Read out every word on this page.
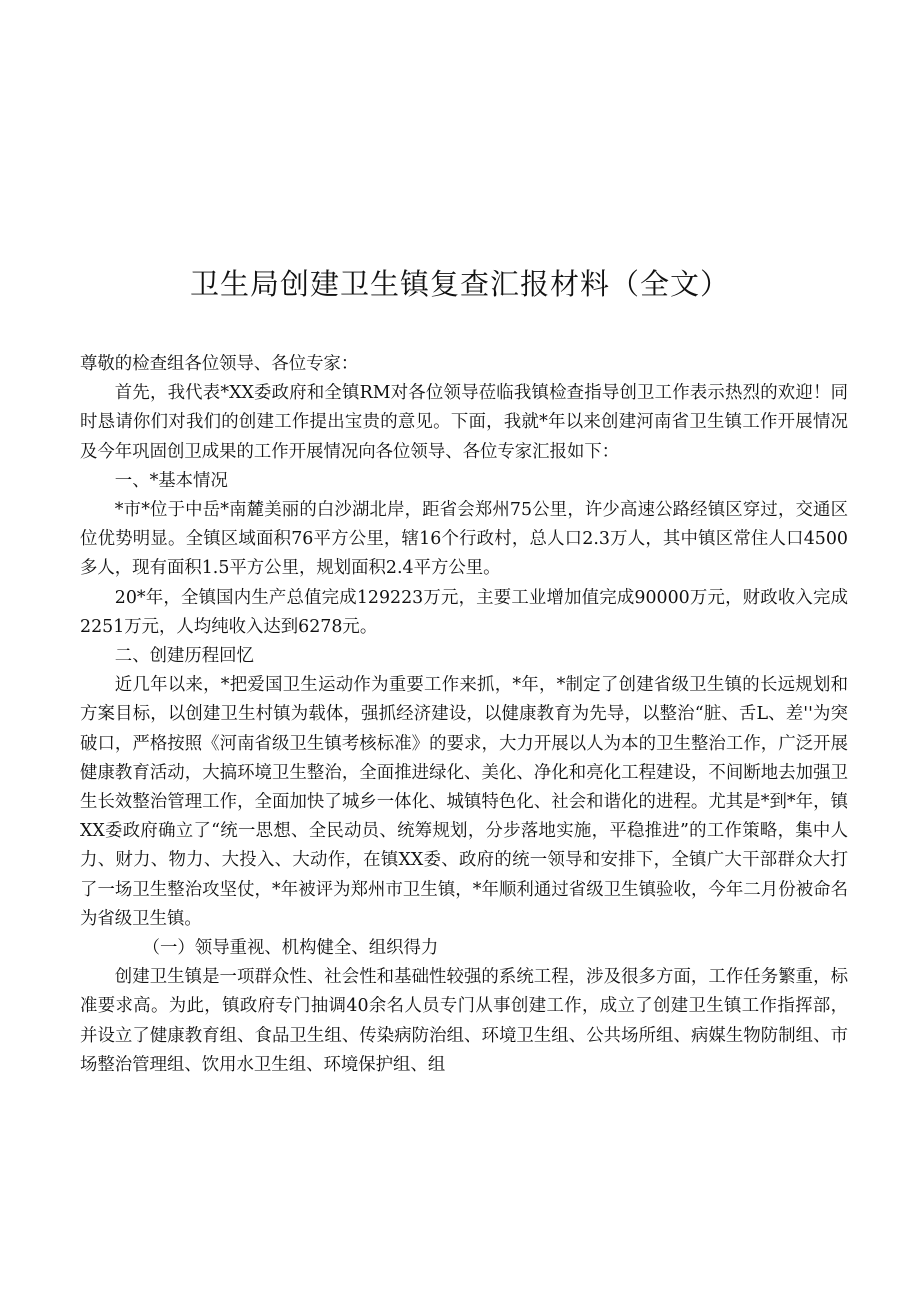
卫生局创建卫生镇复查汇报材料（全文）

尊敬的检查组各位领导、各位专家：

首先，我代表*XX委政府和全镇RM对各位领导莅临我镇检查指导创卫工作表示热烈的欢迎！同时恳请你们对我们的创建工作提出宝贵的意见。下面，我就*年以来创建河南省卫生镇工作开展情况及今年巩固创卫成果的工作开展情况向各位领导、各位专家汇报如下：

一、*基本情况

*市*位于中岳*南麓美丽的白沙湖北岸，距省会郑州75公里，许少高速公路经镇区穿过，交通区位优势明显。全镇区域面积76平方公里，辖16个行政村，总人口2.3万人，其中镇区常住人口4500多人，现有面积1.5平方公里，规划面积2.4平方公里。

20*年，全镇国内生产总值完成129223万元，主要工业增加值完成90000万元，财政收入完成2251万元，人均纯收入达到6278元。

二、创建历程回忆

近几年以来，*把爱国卫生运动作为重要工作来抓，*年，*制定了创建省级卫生镇的长远规划和方案目标，以创建卫生村镇为载体，强抓经济建设，以健康教育为先导，以整治“脏、舌L、差''为突破口，严格按照《河南省级卫生镇考核标准》的要求，大力开展以人为本的卫生整治工作，广泛开展健康教育活动，大搞环境卫生整治，全面推进绿化、美化、净化和亮化工程建设，不间断地去加强卫生长效整治管理工作，全面加快了城乡一体化、城镇特色化、社会和谐化的进程。尤其是*到*年，镇XX委政府确立了“统一思想、全民动员、统筹规划，分步落地实施，平稳推进”的工作策略，集中人力、财力、物力、大投入、大动作，在镇XX委、政府的统一领导和安排下，全镇广大干部群众大打了一场卫生整治攻坚仗，*年被评为郑州市卫生镇，*年顺利通过省级卫生镇验收，今年二月份被命名为省级卫生镇。

（一）领导重视、机构健全、组织得力

创建卫生镇是一项群众性、社会性和基础性较强的系统工程，涉及很多方面，工作任务繁重，标准要求高。为此，镇政府专门抽调40余名人员专门从事创建工作，成立了创建卫生镇工作指挥部，并设立了健康教育组、食品卫生组、传染病防治组、环境卫生组、公共场所组、病媒生物防制组、市场整治管理组、饮用水卫生组、环境保护组、组
